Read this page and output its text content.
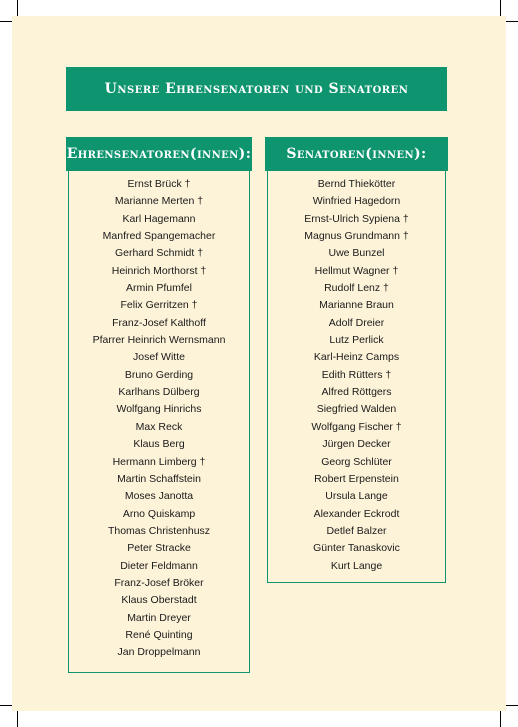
Unsere Ehrensenatoren und Senatoren
Ehrensenatoren(innen):
Ernst Brück †
Marianne Merten †
Karl Hagemann
Manfred Spangemacher
Gerhard Schmidt †
Heinrich Morthorst †
Armin Pfumfel
Felix Gerritzen †
Franz-Josef Kalthoff
Pfarrer Heinrich Wernsmann
Josef Witte
Bruno Gerding
Karlhans Dülberg
Wolfgang Hinrichs
Max Reck
Klaus Berg
Hermann Limberg †
Martin Schaffstein
Moses Janotta
Arno Quiskamp
Thomas Christenhusz
Peter Stracke
Dieter Feldmann
Franz-Josef Bröker
Klaus Oberstadt
Martin Dreyer
René Quinting
Jan Droppelmann
Senatoren(innen):
Bernd Thiekötter
Winfried Hagedorn
Ernst-Ulrich Sypiena †
Magnus Grundmann †
Uwe Bunzel
Hellmut Wagner †
Rudolf Lenz †
Marianne Braun
Adolf Dreier
Lutz Perlick
Karl-Heinz Camps
Edith Rütters †
Alfred Röttgers
Siegfried Walden
Wolfgang Fischer †
Jürgen Decker
Georg Schlüter
Robert Erpenstein
Ursula Lange
Alexander Eckrodt
Detlef Balzer
Günter Tanaskovic
Kurt Lange
